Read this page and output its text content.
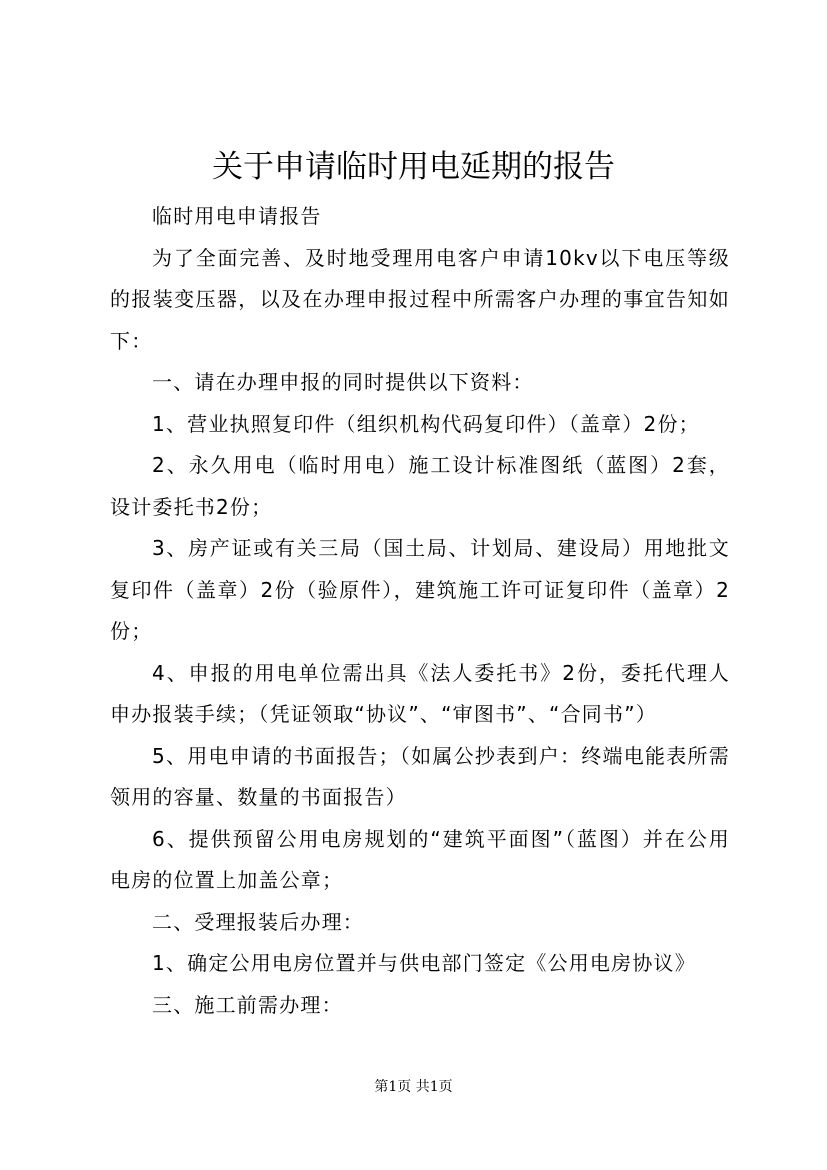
关于申请临时用电延期的报告

临时用电申请报告

为了全面完善、及时地受理用电客户申请10kv以下电压等级的报装变压器，以及在办理申报过程中所需客户办理的事宜告知如下：

一、请在办理申报的同时提供以下资料：

1、营业执照复印件（组织机构代码复印件）（盖章）2份；

2、永久用电（临时用电）施工设计标准图纸（蓝图）2套，设计委托书2份；

3、房产证或有关三局（国土局、计划局、建设局）用地批文复印件（盖章）2份（验原件），建筑施工许可证复印件（盖章）2份；

4、申报的用电单位需出具《法人委托书》2份，委托代理人申办报装手续；（凭证领取“协议”、“审图书”、“合同书”）

5、用电申请的书面报告；（如属公抄表到户：终端电能表所需领用的容量、数量的书面报告）

6、提供预留公用电房规划的“建筑平面图”（蓝图）并在公用电房的位置上加盖公章；

二、受理报装后办理：

1、确定公用电房位置并与供电部门签定《公用电房协议》

三、施工前需办理：

第1页 共1页
